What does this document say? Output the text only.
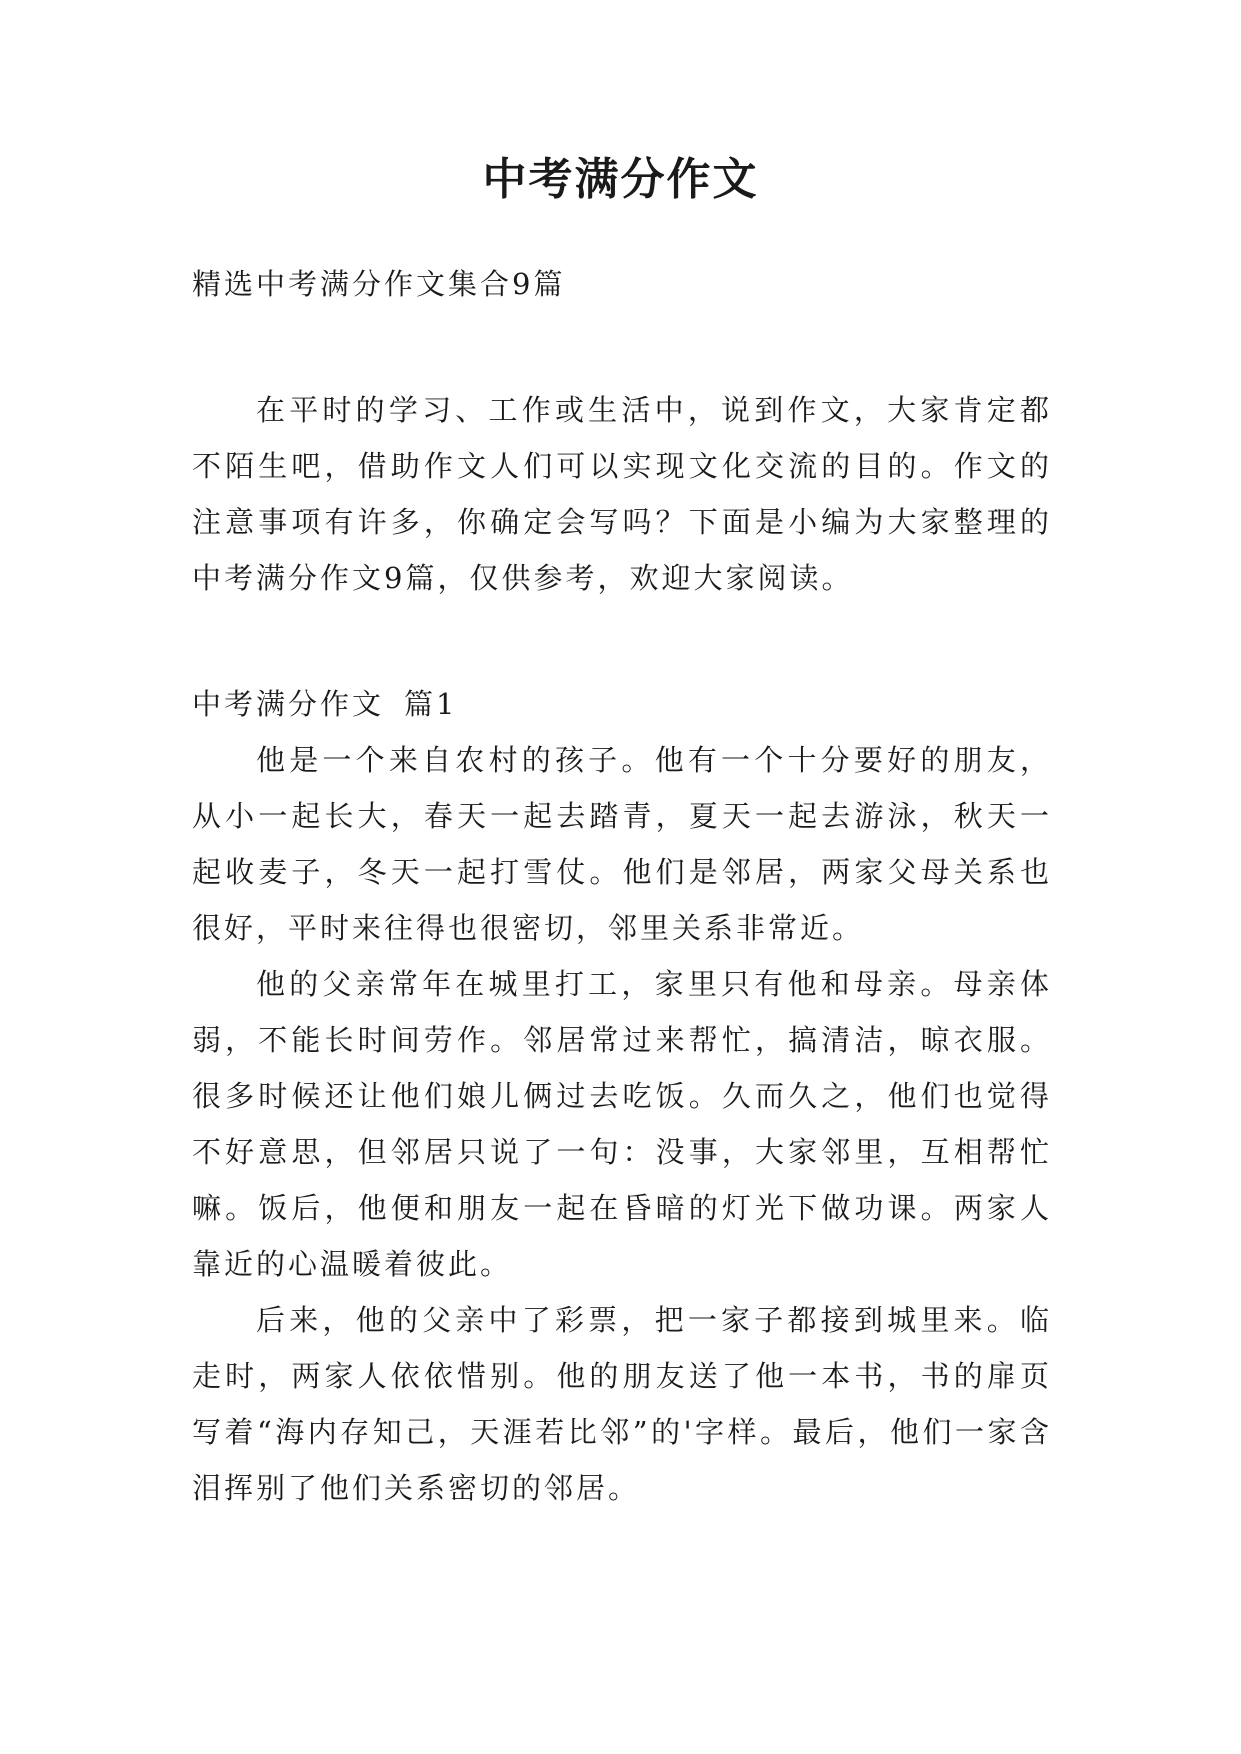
中考满分作文

精选中考满分作文集合9篇

在平时的学习、工作或生活中，说到作文，大家肯定都不陌生吧，借助作文人们可以实现文化交流的目的。作文的注意事项有许多，你确定会写吗？下面是小编为大家整理的中考满分作文9篇，仅供参考，欢迎大家阅读。

中考满分作文 篇1

他是一个来自农村的孩子。他有一个十分要好的朋友，从小一起长大，春天一起去踏青，夏天一起去游泳，秋天一起收麦子，冬天一起打雪仗。他们是邻居，两家父母关系也很好，平时来往得也很密切，邻里关系非常近。

他的父亲常年在城里打工，家里只有他和母亲。母亲体弱，不能长时间劳作。邻居常过来帮忙，搞清洁，晾衣服。很多时候还让他们娘儿俩过去吃饭。久而久之，他们也觉得不好意思，但邻居只说了一句：没事，大家邻里，互相帮忙嘛。饭后，他便和朋友一起在昏暗的灯光下做功课。两家人靠近的心温暖着彼此。

后来，他的父亲中了彩票，把一家子都接到城里来。临走时，两家人依依惜别。他的朋友送了他一本书，书的扉页写着“海内存知己，天涯若比邻”的'字样。最后，他们一家含泪挥别了他们关系密切的邻居。
